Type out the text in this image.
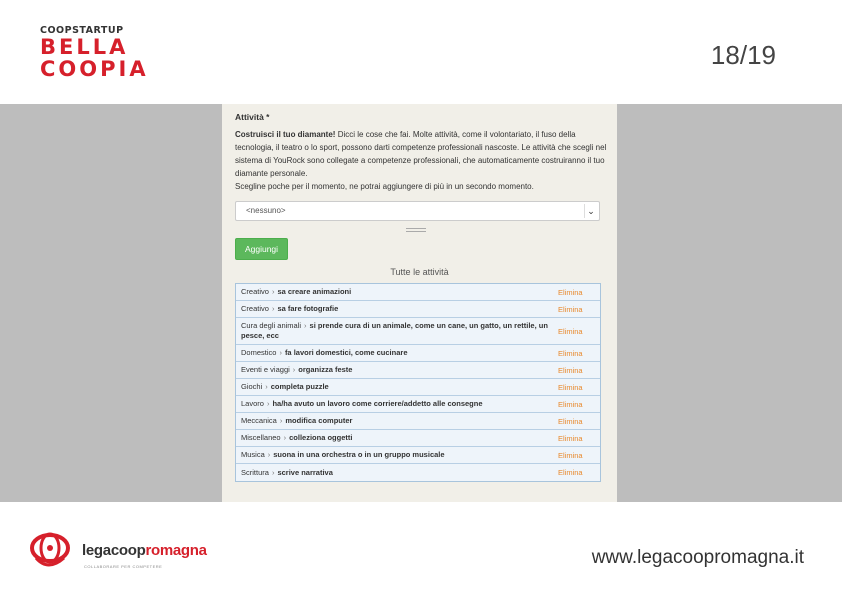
COOPSTARTUP
BELLA
COOPIA	18/19
Attività *

Costruisci il tuo diamante! Dicci le cose che fai. Molte attività, come il volontariato, il fuso della tecnologia, il teatro o lo sport, possono darti competenze professionali nascoste. Le attività che scegli nel sistema di YouRock sono collegate a competenze professionali, che automaticamente costruiranno il tuo diamante personale.
Scegline poche per il momento, ne potrai aggiungere di più in un secondo momento.

<nessuno>	⌄
Aggiungi
Tutte le attività
Creativo › sa creare animazioni	Elimina
Creativo › sa fare fotografie	Elimina
Cura degli animali › si prende cura di un animale, come un cane, un gatto, un rettile, un pesce, ecc	Elimina
Domestico › fa lavori domestici, come cucinare	Elimina
Eventi e viaggi › organizza feste	Elimina
Giochi › completa puzzle	Elimina
Lavoro › ha/ha avuto un lavoro come corriere/addetto alle consegne	Elimina
Meccanica › modifica computer	Elimina
Miscellaneo › colleziona oggetti	Elimina
Musica › suona in una orchestra o in un gruppo musicale	Elimina
Scrittura › scrive narrativa	Elimina
legacoopromagna
COLLABORARE PER COMPETERE	www.legacoopromagna.it
